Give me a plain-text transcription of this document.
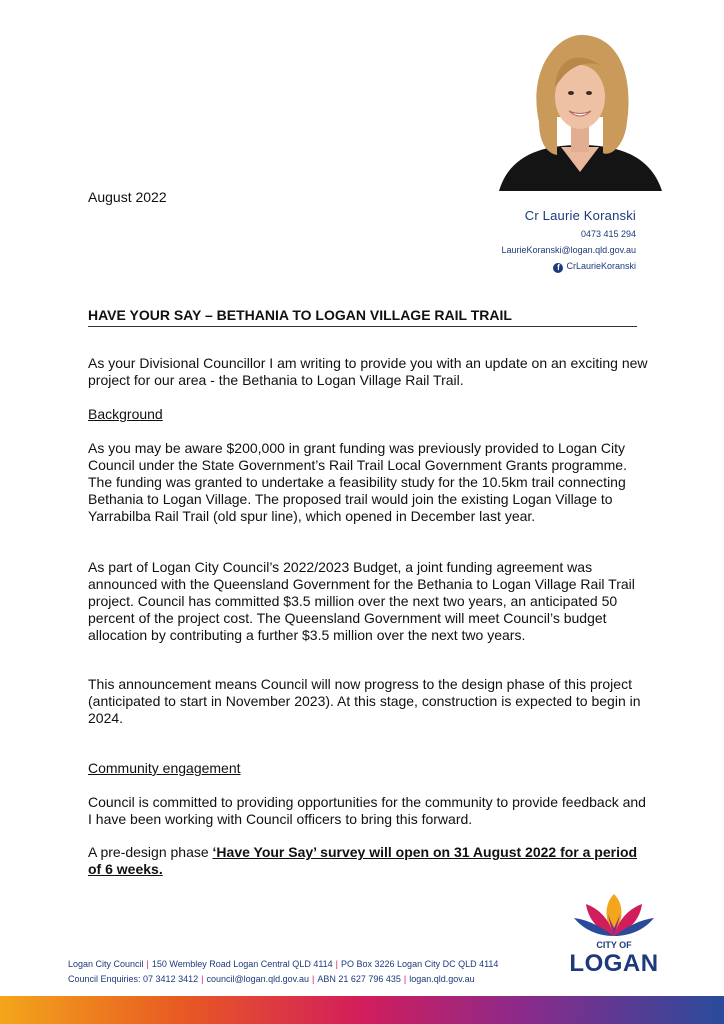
August 2022
Cr Laurie Koranski
0473 415 294
LaurieKoranski@logan.qld.gov.au
f CrLaurieKoranski
HAVE YOUR SAY – BETHANIA TO LOGAN VILLAGE RAIL TRAIL
As your Divisional Councillor I am writing to provide you with an update on an exciting new project for our area - the Bethania to Logan Village Rail Trail.
Background
As you may be aware $200,000 in grant funding was previously provided to Logan City Council under the State Government’s Rail Trail Local Government Grants programme. The funding was granted to undertake a feasibility study for the 10.5km trail connecting Bethania to Logan Village. The proposed trail would join the existing Logan Village to Yarrabilba Rail Trail (old spur line), which opened in December last year.
As part of Logan City Council’s 2022/2023 Budget, a joint funding agreement was announced with the Queensland Government for the Bethania to Logan Village Rail Trail project. Council has committed $3.5 million over the next two years, an anticipated 50 percent of the project cost. The Queensland Government will meet Council’s budget allocation by contributing a further $3.5 million over the next two years.
This announcement means Council will now progress to the design phase of this project (anticipated to start in November 2023). At this stage, construction is expected to begin in 2024.
Community engagement
Council is committed to providing opportunities for the community to provide feedback and I have been working with Council officers to bring this forward.
A pre-design phase ‘Have Your Say’ survey will open on 31 August 2022 for a period of 6 weeks.
CITY OF
LOGAN
Logan City Council | 150 Wembley Road Logan Central QLD 4114 | PO Box 3226 Logan City DC QLD 4114
Council Enquiries: 07 3412 3412 | council@logan.qld.gov.au | ABN 21 627 796 435 | logan.qld.gov.au
